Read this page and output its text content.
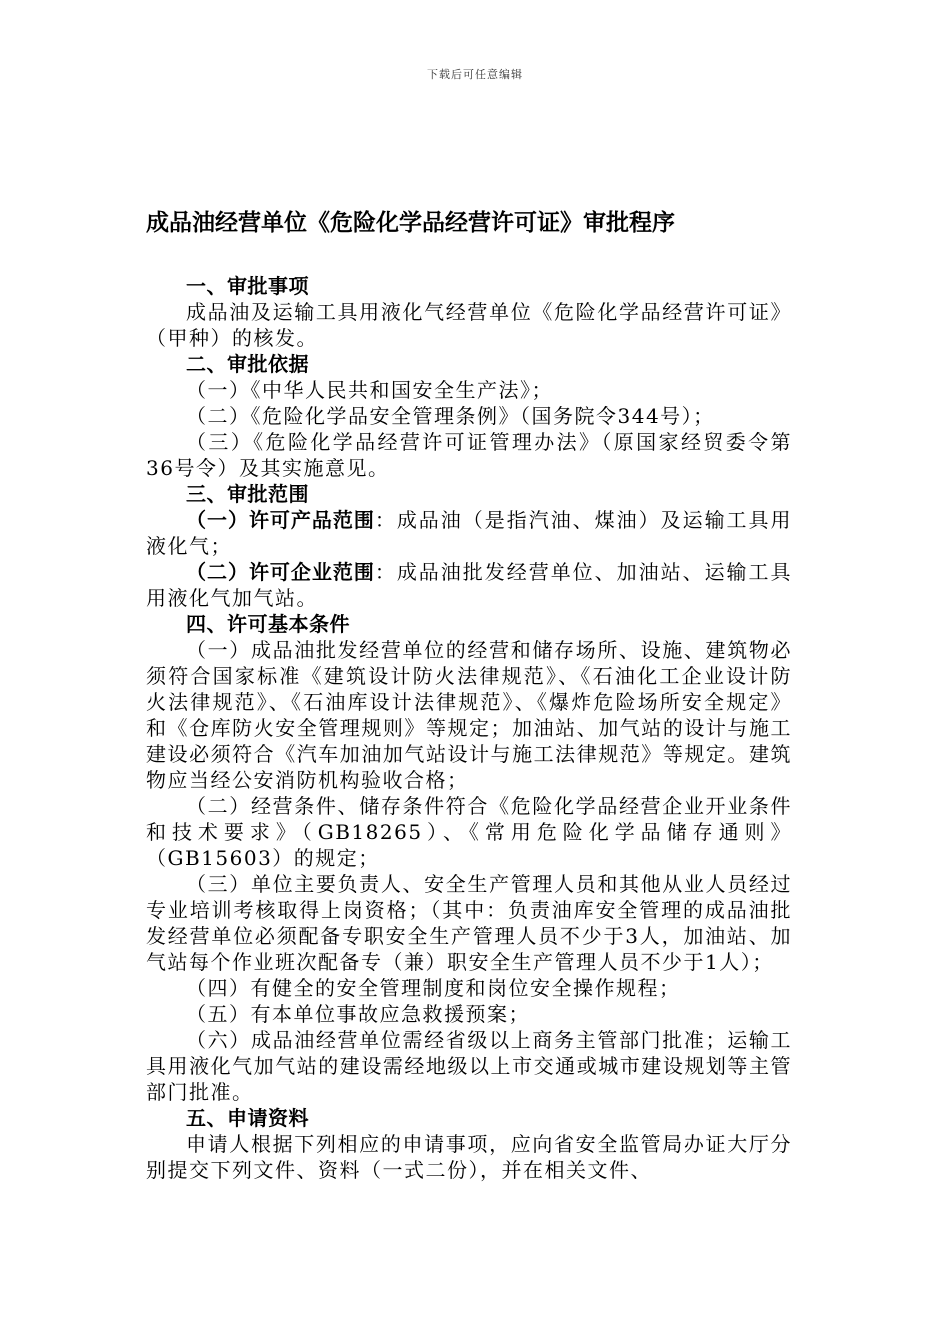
下载后可任意编辑
成品油经营单位《危险化学品经营许可证》审批程序

一、审批事项

成品油及运输工具用液化气经营单位《危险化学品经营许可证》（甲种）的核发。

二、审批依据

（一）《中华人民共和国安全生产法》；

（二）《危险化学品安全管理条例》（国务院令344号）；

（三）《危险化学品经营许可证管理办法》（原国家经贸委令第36号令）及其实施意见。

三、审批范围

（一）许可产品范围：成品油（是指汽油、煤油）及运输工具用液化气；

（二）许可企业范围：成品油批发经营单位、加油站、运输工具用液化气加气站。

四、许可基本条件

（一）成品油批发经营单位的经营和储存场所、设施、建筑物必须符合国家标准《建筑设计防火法律规范》、《石油化工企业设计防火法律规范》、《石油库设计法律规范》、《爆炸危险场所安全规定》和《仓库防火安全管理规则》等规定；加油站、加气站的设计与施工建设必须符合《汽车加油加气站设计与施工法律规范》等规定。建筑物应当经公安消防机构验收合格；

（二）经营条件、储存条件符合《危险化学品经营企业开业条件和技术要求》（GB18265）、《常用危险化学品储存通则》（GB15603）的规定；

（三）单位主要负责人、安全生产管理人员和其他从业人员经过专业培训考核取得上岗资格；（其中：负责油库安全管理的成品油批发经营单位必须配备专职安全生产管理人员不少于3人，加油站、加气站每个作业班次配备专（兼）职安全生产管理人员不少于1人）；

（四）有健全的安全管理制度和岗位安全操作规程；

（五）有本单位事故应急救援预案；

（六）成品油经营单位需经省级以上商务主管部门批准；运输工具用液化气加气站的建设需经地级以上市交通或城市建设规划等主管部门批准。

五、申请资料

申请人根据下列相应的申请事项，应向省安全监管局办证大厅分别提交下列文件、资料（一式二份），并在相关文件、
